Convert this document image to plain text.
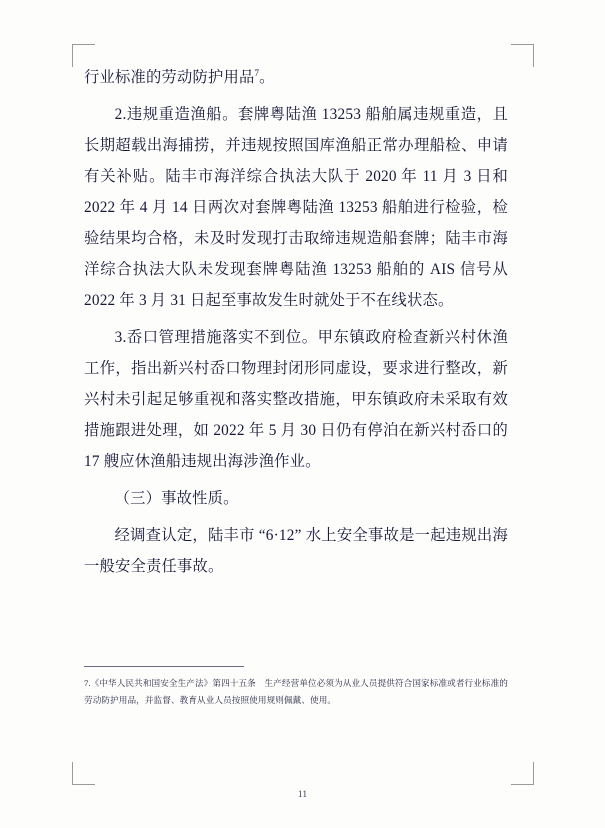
行业标准的劳动防护用品$^7$。

2.违规重造渔船。套牌粤陆渔 13253 船舶属违规重造，且长期超载出海捕捞，并违规按照国库渔船正常办理船检、申请有关补贴。陆丰市海洋综合执法大队于 2020 年 11 月 3 日和 2022 年 4 月 14 日两次对套牌粤陆渔 13253 船舶进行检验，检验结果均合格，未及时发现打击取缔违规造船套牌；陆丰市海洋综合执法大队未发现套牌粤陆渔 13253 船舶的 AIS 信号从 2022 年 3 月 31 日起至事故发生时就处于不在线状态。

3.岙口管理措施落实不到位。甲东镇政府检查新兴村休渔工作，指出新兴村岙口物理封闭形同虚设，要求进行整改，新兴村未引起足够重视和落实整改措施，甲东镇政府未采取有效措施跟进处理，如 2022 年 5 月 30 日仍有停泊在新兴村岙口的 17 艘应休渔船违规出海涉渔作业。

（三）事故性质。

经调查认定，陆丰市 “6·12” 水上安全事故是一起违规出海一般安全责任事故。

7.《中华人民共和国安全生产法》第四十五条　生产经营单位必须为从业人员提供符合国家标准或者行业标准的劳动防护用品，并监督、教育从业人员按照使用规则佩戴、使用。
11
